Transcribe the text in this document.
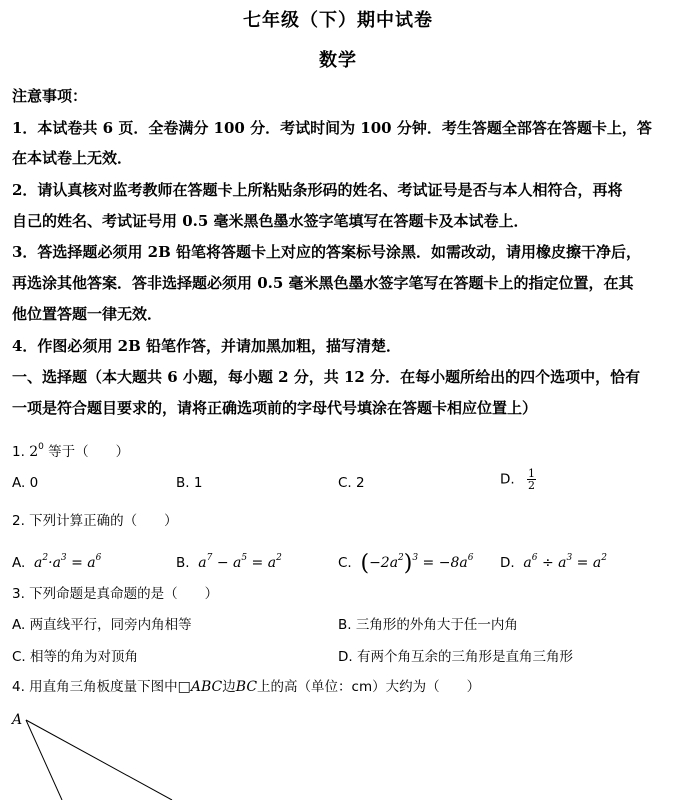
七年级（下）期中试卷
数学
注意事项：
1．本试卷共 6 页．全卷满分 100 分．考试时间为 100 分钟．考生答题全部答在答题卡上，答
在本试卷上无效．
2．请认真核对监考教师在答题卡上所粘贴条形码的姓名、考试证号是否与本人相符合，再将
自己的姓名、考试证号用 0.5 毫米黑色墨水签字笔填写在答题卡及本试卷上．
3．答选择题必须用 2B 铅笔将答题卡上对应的答案标号涂黑．如需改动，请用橡皮擦干净后，
再选涂其他答案．答非选择题必须用 0.5 毫米黑色墨水签字笔写在答题卡上的指定位置，在其
他位置答题一律无效．
4．作图必须用 2B 铅笔作答，并请加黑加粗，描写清楚．
一、选择题（本大题共 6 小题，每小题 2 分，共 12 分．在每小题所给出的四个选项中，恰有
一项是符合题目要求的，请将正确选项前的字母代号填涂在答题卡相应位置上）
1. $2^0$ 等于（　　）
A. 0	B. 1	C. 2	D. $\frac{1}{2}$
2. 下列计算正确的（　　）
A.  $a^2\cdot a^3 = a^6$	B.  $a^7 - a^5 = a^2$	C. $(-2a^2)^3 = -8a^6$ D.  $a^6 \div a^3 = a^2$
3. 下列命题是真命题的是（　　）
A. 两直线平行，同旁内角相等	B. 三角形的外角大于任一内角
C. 相等的角为对顶角	D. 有两个角互余的三角形是直角三角形
4. 用直角三角板度量下图中□ABC边BC上的高（单位：cm）大约为（　　）
A
